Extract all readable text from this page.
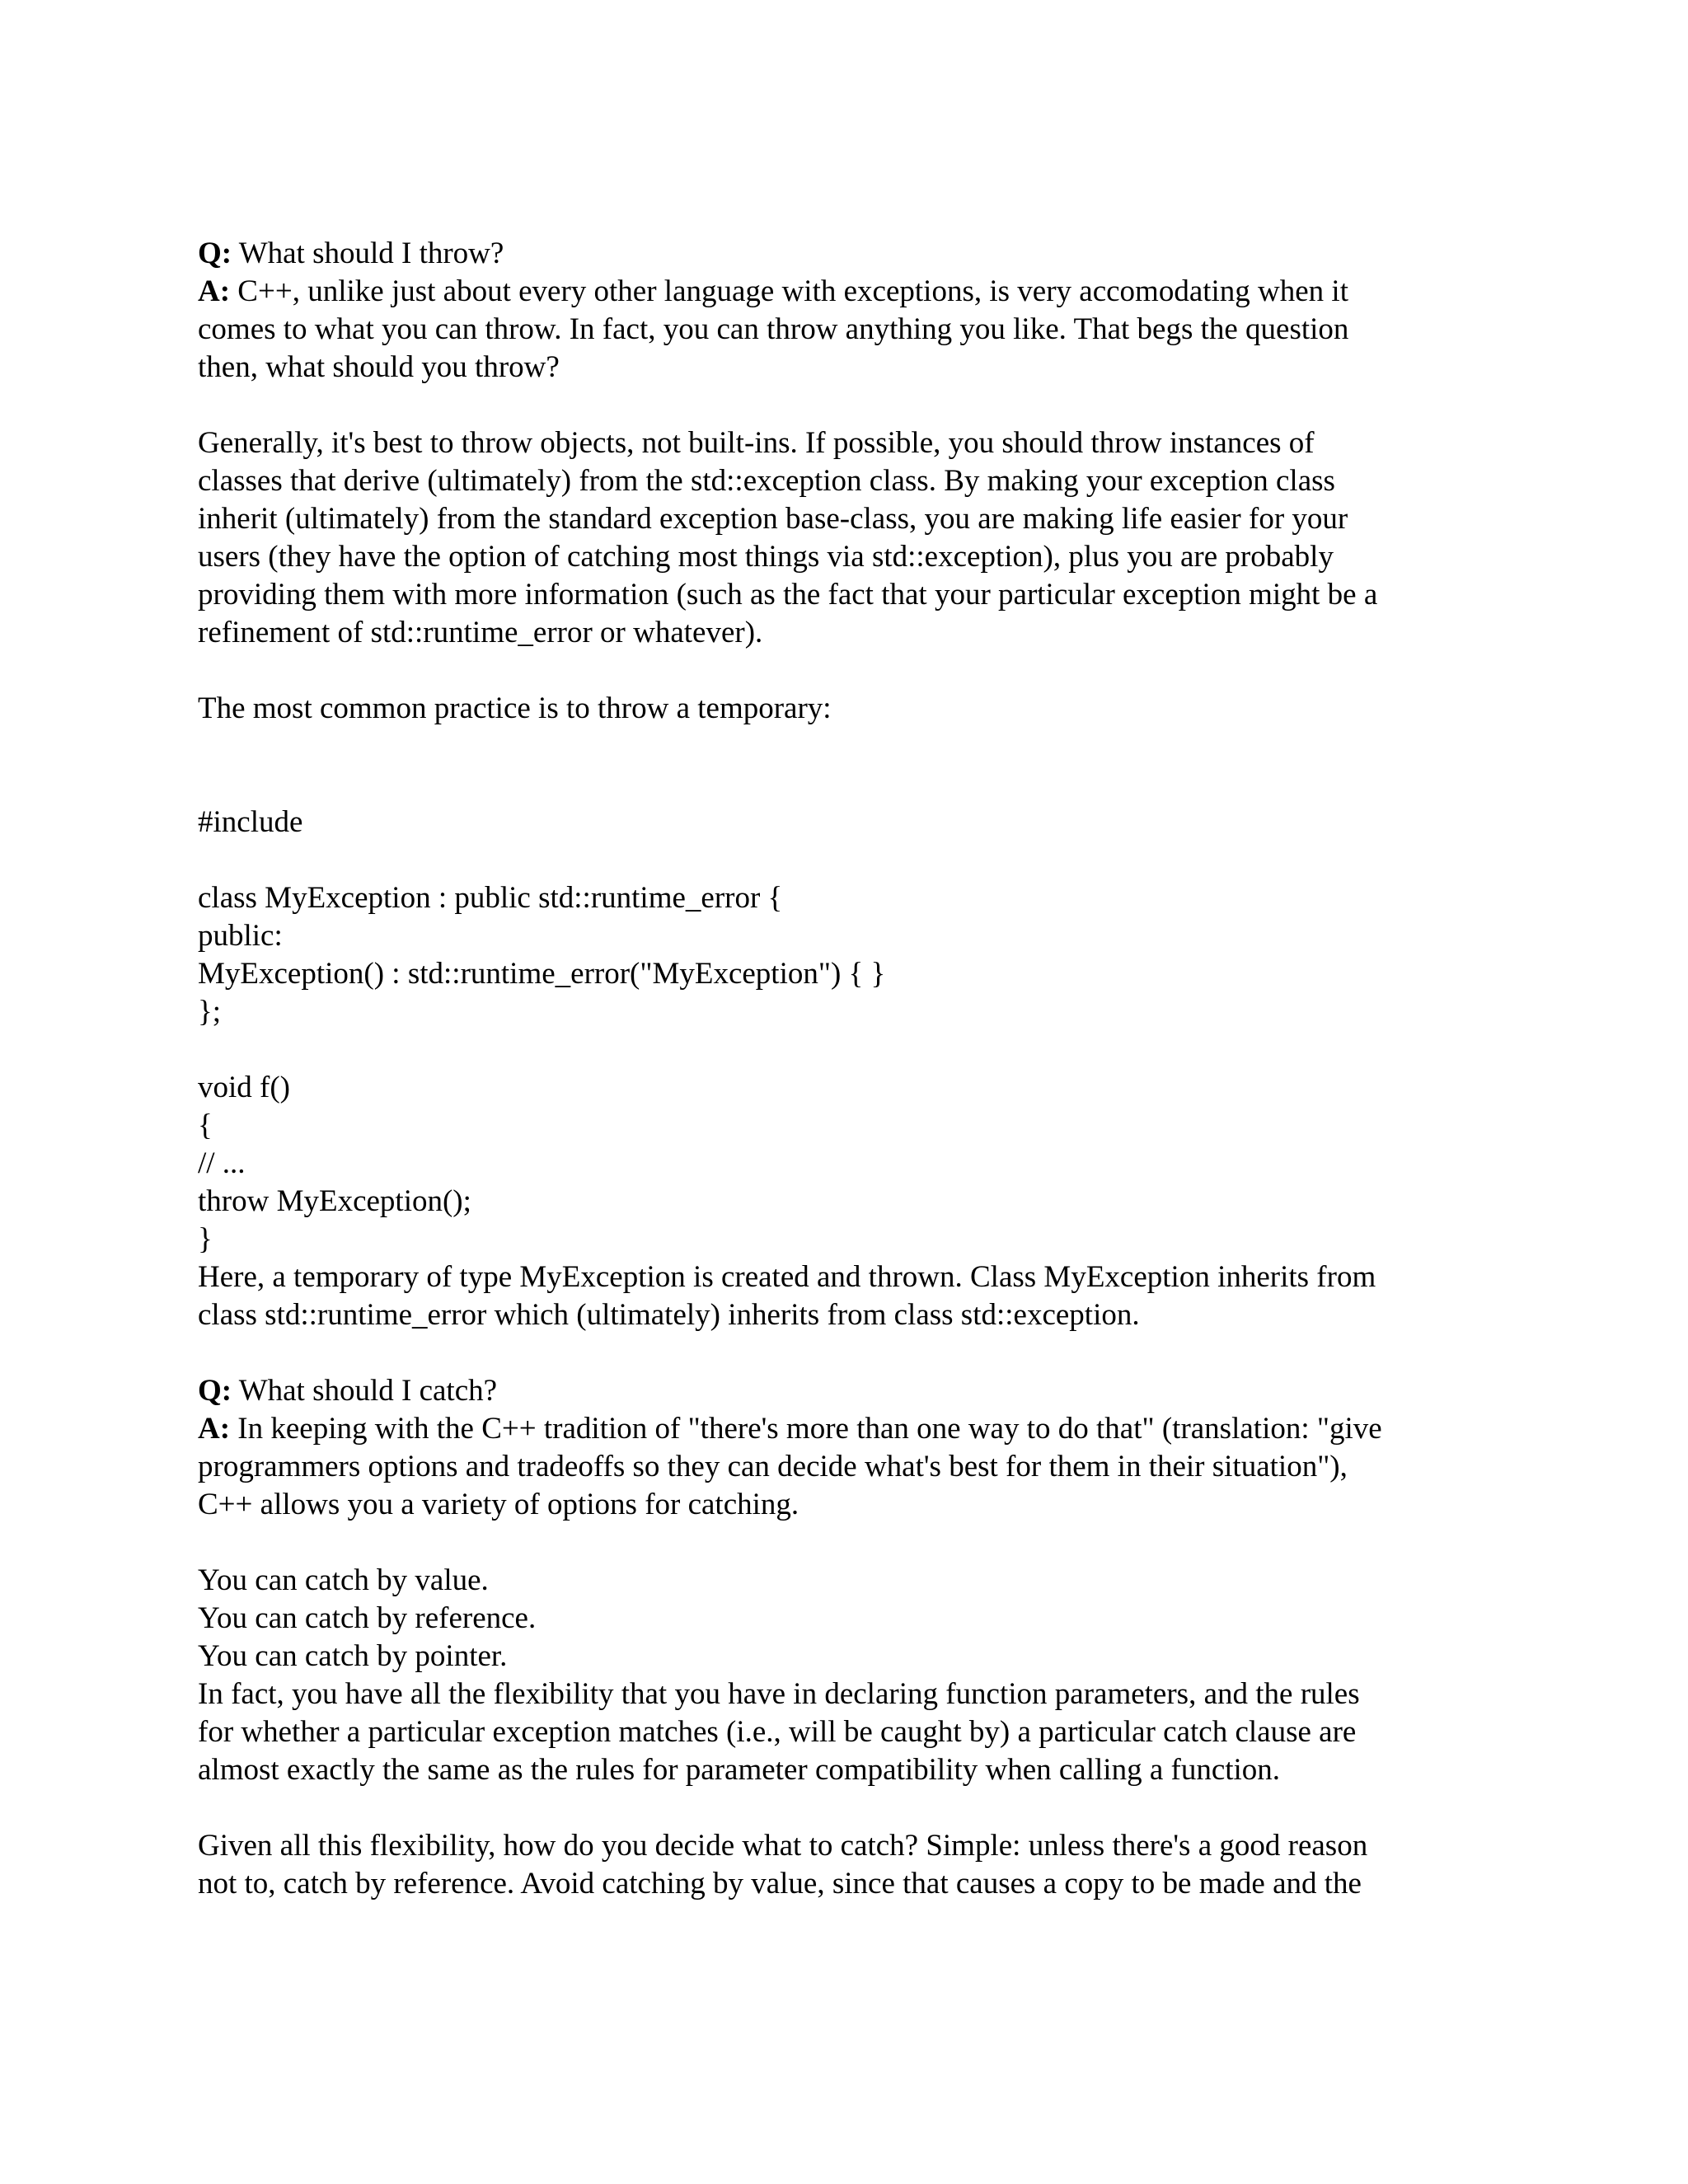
Q: What should I throw?
A: C++, unlike just about every other language with exceptions, is very accomodating when it
comes to what you can throw. In fact, you can throw anything you like. That begs the question
then, what should you throw?
Generally, it's best to throw objects, not built-ins. If possible, you should throw instances of
classes that derive (ultimately) from the std::exception class. By making your exception class
inherit (ultimately) from the standard exception base-class, you are making life easier for your
users (they have the option of catching most things via std::exception), plus you are probably
providing them with more information (such as the fact that your particular exception might be a
refinement of std::runtime_error or whatever).
The most common practice is to throw a temporary:
#include
class MyException : public std::runtime_error {
public:
MyException() : std::runtime_error("MyException") { }
};
void f()
{
// ...
throw MyException();
}
Here, a temporary of type MyException is created and thrown. Class MyException inherits from
class std::runtime_error which (ultimately) inherits from class std::exception.
Q: What should I catch?
A: In keeping with the C++ tradition of "there's more than one way to do that" (translation: "give
programmers options and tradeoffs so they can decide what's best for them in their situation"),
C++ allows you a variety of options for catching.
You can catch by value.
You can catch by reference.
You can catch by pointer.
In fact, you have all the flexibility that you have in declaring function parameters, and the rules
for whether a particular exception matches (i.e., will be caught by) a particular catch clause are
almost exactly the same as the rules for parameter compatibility when calling a function.
Given all this flexibility, how do you decide what to catch? Simple: unless there's a good reason
not to, catch by reference. Avoid catching by value, since that causes a copy to be made and the
